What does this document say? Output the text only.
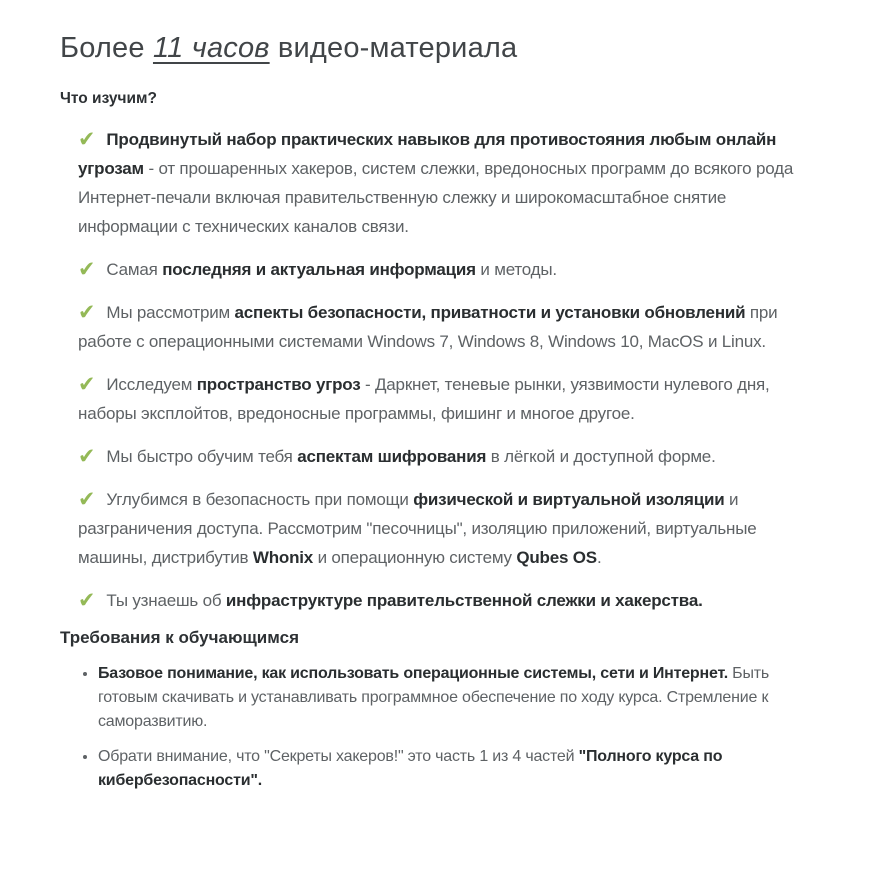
Более 11 часов видео-материала
Что изучим?

✔ Продвинутый набор практических навыков для противостояния любым онлайн угрозам - от прошаренных хакеров, систем слежки, вредоносных программ до всякого рода Интернет-печали включая правительственную слежку и широкомасштабное снятие информации с технических каналов связи.

✔ Самая последняя и актуальная информация и методы.

✔ Мы рассмотрим аспекты безопасности, приватности и установки обновлений при работе с операционными системами Windows 7, Windows 8, Windows 10, MacOS и Linux.

✔ Исследуем пространство угроз - Даркнет, теневые рынки, уязвимости нулевого дня, наборы эксплойтов, вредоносные программы, фишинг и многое другое.

✔ Мы быстро обучим тебя аспектам шифрования в лёгкой и доступной форме.

✔ Углубимся в безопасность при помощи физической и виртуальной изоляции и разграничения доступа. Рассмотрим "песочницы", изоляцию приложений, виртуальные машины, дистрибутив Whonix и операционную систему Qubes OS.

✔ Ты узнаешь об инфраструктуре правительственной слежки и хакерства.

Требования к обучающимся
• Базовое понимание, как использовать операционные системы, сети и Интернет. Быть готовым скачивать и устанавливать программное обеспечение по ходу курса. Стремление к саморазвитию.
• Обрати внимание, что "Секреты хакеров!" это часть 1 из 4 частей "Полного курса по кибербезопасности".
